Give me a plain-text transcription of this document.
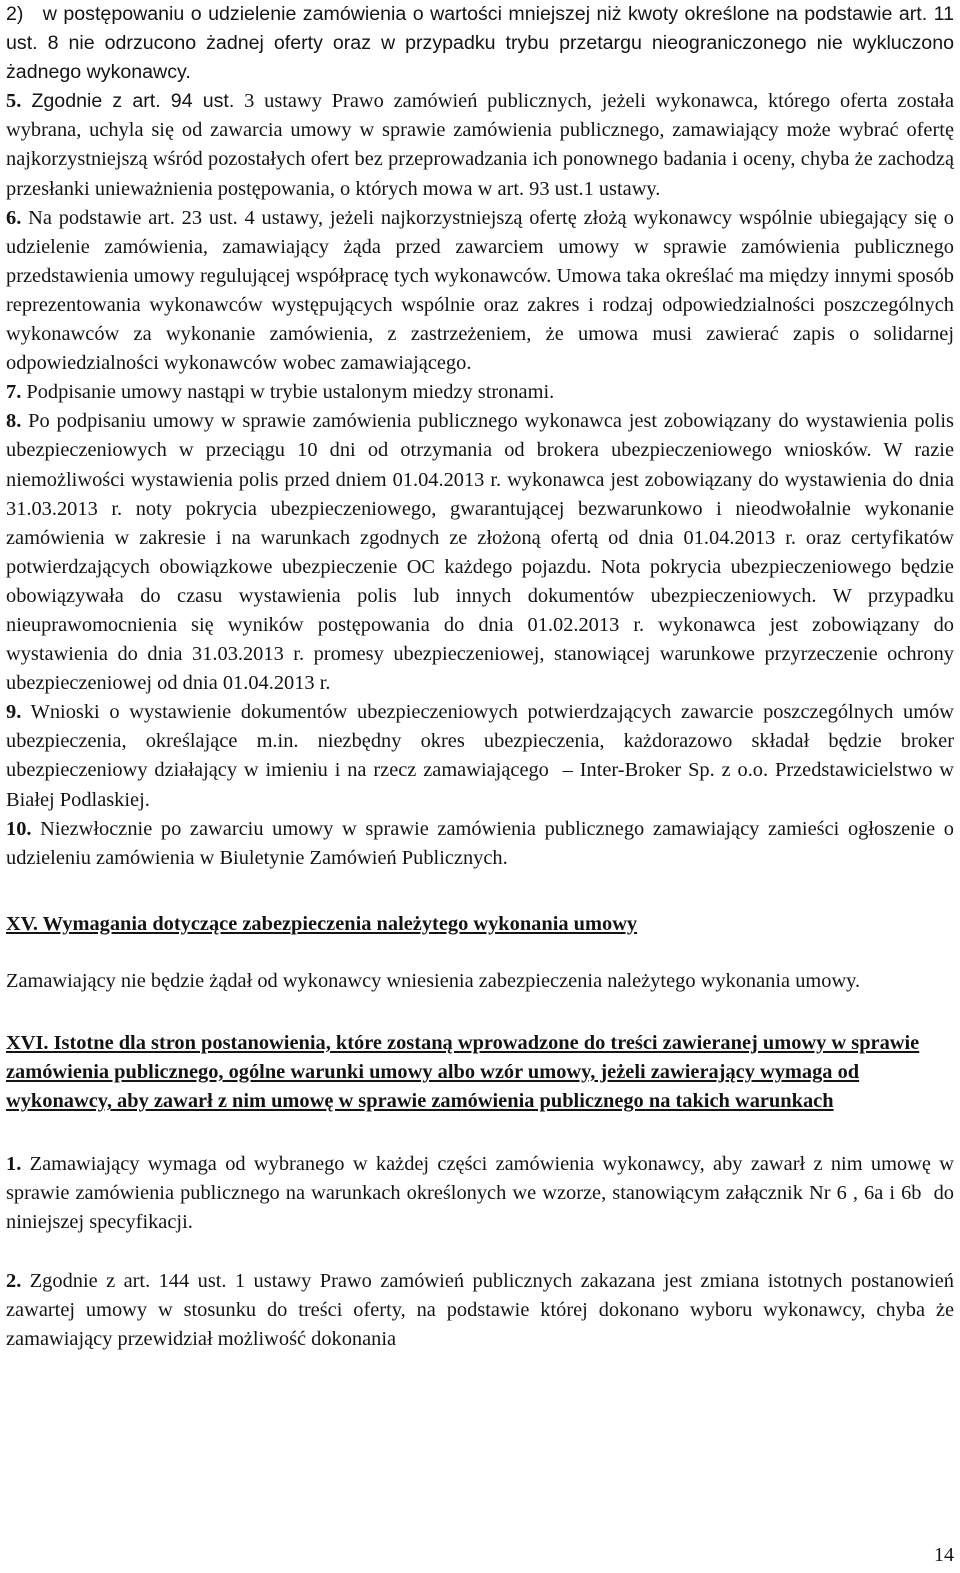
2)   w postępowaniu o udzielenie zamówienia o wartości mniejszej niż kwoty określone na podstawie art. 11 ust. 8 nie odrzucono żadnej oferty oraz w przypadku trybu przetargu nieograniczonego nie wykluczono żadnego wykonawcy.

5. Zgodnie z art. 94 ust. 3 ustawy Prawo zamówień publicznych, jeżeli wykonawca, którego oferta została wybrana, uchyla się od zawarcia umowy w sprawie zamówienia publicznego, zamawiający może wybrać ofertę najkorzystniejszą wśród pozostałych ofert bez przeprowadzania ich ponownego badania i oceny, chyba że zachodzą przesłanki unieważnienia postępowania, o których mowa w art. 93 ust.1 ustawy.

6. Na podstawie art. 23 ust. 4 ustawy, jeżeli najkorzystniejszą ofertę złożą wykonawcy wspólnie ubiegający się o udzielenie zamówienia, zamawiający żąda przed zawarciem umowy w sprawie zamówienia publicznego przedstawienia umowy regulującej współpracę tych wykonawców. Umowa taka określać ma między innymi sposób reprezentowania wykonawców występujących wspólnie oraz zakres i rodzaj odpowiedzialności poszczególnych wykonawców za wykonanie zamówienia, z zastrzeżeniem, że umowa musi zawierać zapis o solidarnej odpowiedzialności wykonawców wobec zamawiającego.

7. Podpisanie umowy nastąpi w trybie ustalonym miedzy stronami.

8. Po podpisaniu umowy w sprawie zamówienia publicznego wykonawca jest zobowiązany do wystawienia polis ubezpieczeniowych w przeciągu 10 dni od otrzymania od brokera ubezpieczeniowego wniosków. W razie niemożliwości wystawienia polis przed dniem 01.04.2013 r. wykonawca jest zobowiązany do wystawienia do dnia 31.03.2013 r. noty pokrycia ubezpieczeniowego, gwarantującej bezwarunkowo i nieodwołalnie wykonanie zamówienia w zakresie i na warunkach zgodnych ze złożoną ofertą od dnia 01.04.2013 r. oraz certyfikatów potwierdzających obowiązkowe ubezpieczenie OC każdego pojazdu. Nota pokrycia ubezpieczeniowego będzie obowiązywała do czasu wystawienia polis lub innych dokumentów ubezpieczeniowych. W przypadku nieuprawomocnienia się wyników postępowania do dnia 01.02.2013 r. wykonawca jest zobowiązany do wystawienia do dnia 31.03.2013 r. promesy ubezpieczeniowej, stanowiącej warunkowe przyrzeczenie ochrony ubezpieczeniowej od dnia 01.04.2013 r.

9. Wnioski o wystawienie dokumentów ubezpieczeniowych potwierdzających zawarcie poszczególnych umów ubezpieczenia, określające m.in. niezbędny okres ubezpieczenia, każdorazowo składał będzie broker ubezpieczeniowy działający w imieniu i na rzecz zamawiającego  – Inter-Broker Sp. z o.o. Przedstawicielstwo w Białej Podlaskiej.

10. Niezwłocznie po zawarciu umowy w sprawie zamówienia publicznego zamawiający zamieści ogłoszenie o udzieleniu zamówienia w Biuletynie Zamówień Publicznych.

XV. Wymagania dotyczące zabezpieczenia należytego wykonania umowy

Zamawiający nie będzie żądał od wykonawcy wniesienia zabezpieczenia należytego wykonania umowy.

XVI. Istotne dla stron postanowienia, które zostaną wprowadzone do treści zawieranej umowy w sprawie zamówienia publicznego, ogólne warunki umowy albo wzór umowy, jeżeli zawierający wymaga od wykonawcy, aby zawarł z nim umowę w sprawie zamówienia publicznego na takich warunkach

1. Zamawiający wymaga od wybranego w każdej części zamówienia wykonawcy, aby zawarł z nim umowę w sprawie zamówienia publicznego na warunkach określonych we wzorze, stanowiącym załącznik Nr 6 , 6a i 6b  do niniejszej specyfikacji.

2. Zgodnie z art. 144 ust. 1 ustawy Prawo zamówień publicznych zakazana jest zmiana istotnych postanowień zawartej umowy w stosunku do treści oferty, na podstawie której dokonano wyboru wykonawcy, chyba że zamawiający przewidział możliwość dokonania

14
